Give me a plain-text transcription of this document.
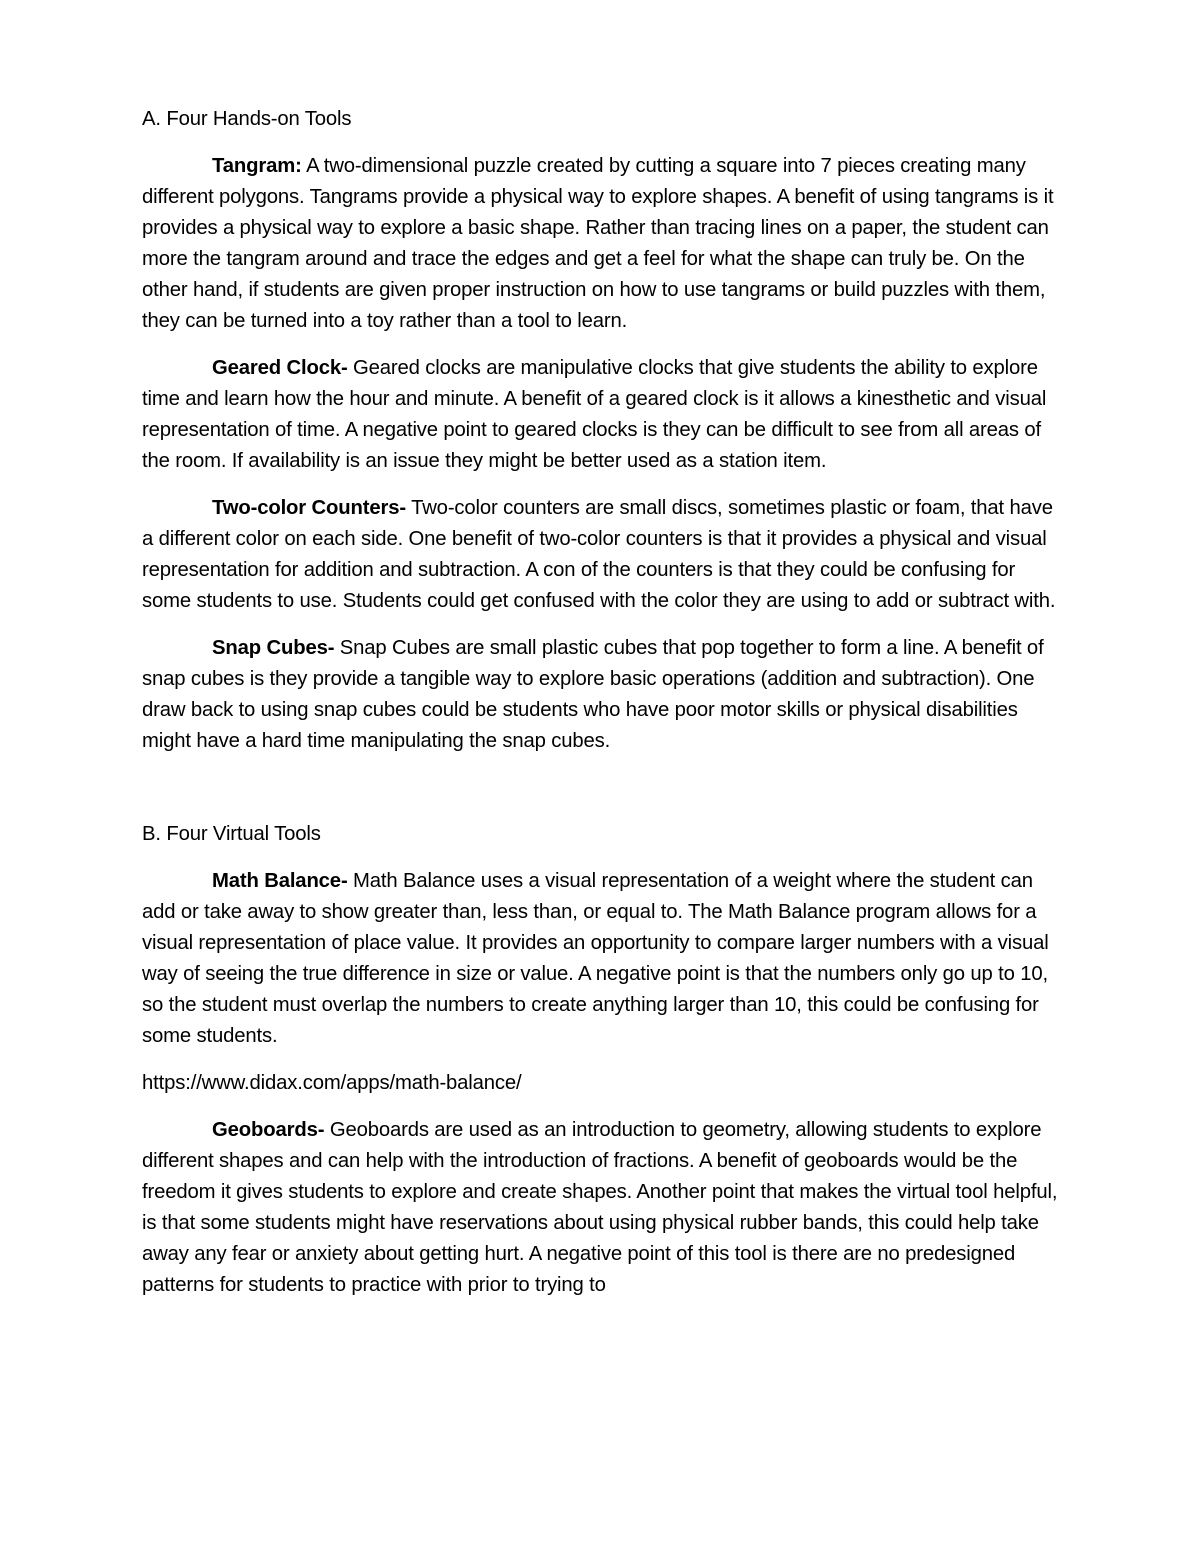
A. Four Hands-on Tools

Tangram: A two-dimensional puzzle created by cutting a square into 7 pieces creating many different polygons. Tangrams provide a physical way to explore shapes. A benefit of using tangrams is it provides a physical way to explore a basic shape. Rather than tracing lines on a paper, the student can more the tangram around and trace the edges and get a feel for what the shape can truly be. On the other hand, if students are given proper instruction on how to use tangrams or build puzzles with them, they can be turned into a toy rather than a tool to learn.

Geared Clock- Geared clocks are manipulative clocks that give students the ability to explore time and learn how the hour and minute. A benefit of a geared clock is it allows a kinesthetic and visual representation of time. A negative point to geared clocks is they can be difficult to see from all areas of the room. If availability is an issue they might be better used as a station item.

Two-color Counters- Two-color counters are small discs, sometimes plastic or foam, that have a different color on each side. One benefit of two-color counters is that it provides a physical and visual representation for addition and subtraction. A con of the counters is that they could be confusing for some students to use. Students could get confused with the color they are using to add or subtract with.

Snap Cubes- Snap Cubes are small plastic cubes that pop together to form a line. A benefit of snap cubes is they provide a tangible way to explore basic operations (addition and subtraction). One draw back to using snap cubes could be students who have poor motor skills or physical disabilities might have a hard time manipulating the snap cubes.

B. Four Virtual Tools

Math Balance- Math Balance uses a visual representation of a weight where the student can add or take away to show greater than, less than, or equal to. The Math Balance program allows for a visual representation of place value. It provides an opportunity to compare larger numbers with a visual way of seeing the true difference in size or value. A negative point is that the numbers only go up to 10, so the student must overlap the numbers to create anything larger than 10, this could be confusing for some students.

https://www.didax.com/apps/math-balance/

Geoboards- Geoboards are used as an introduction to geometry, allowing students to explore different shapes and can help with the introduction of fractions. A benefit of geoboards would be the freedom it gives students to explore and create shapes. Another point that makes the virtual tool helpful, is that some students might have reservations about using physical rubber bands, this could help take away any fear or anxiety about getting hurt. A negative point of this tool is there are no predesigned patterns for students to practice with prior to trying to
